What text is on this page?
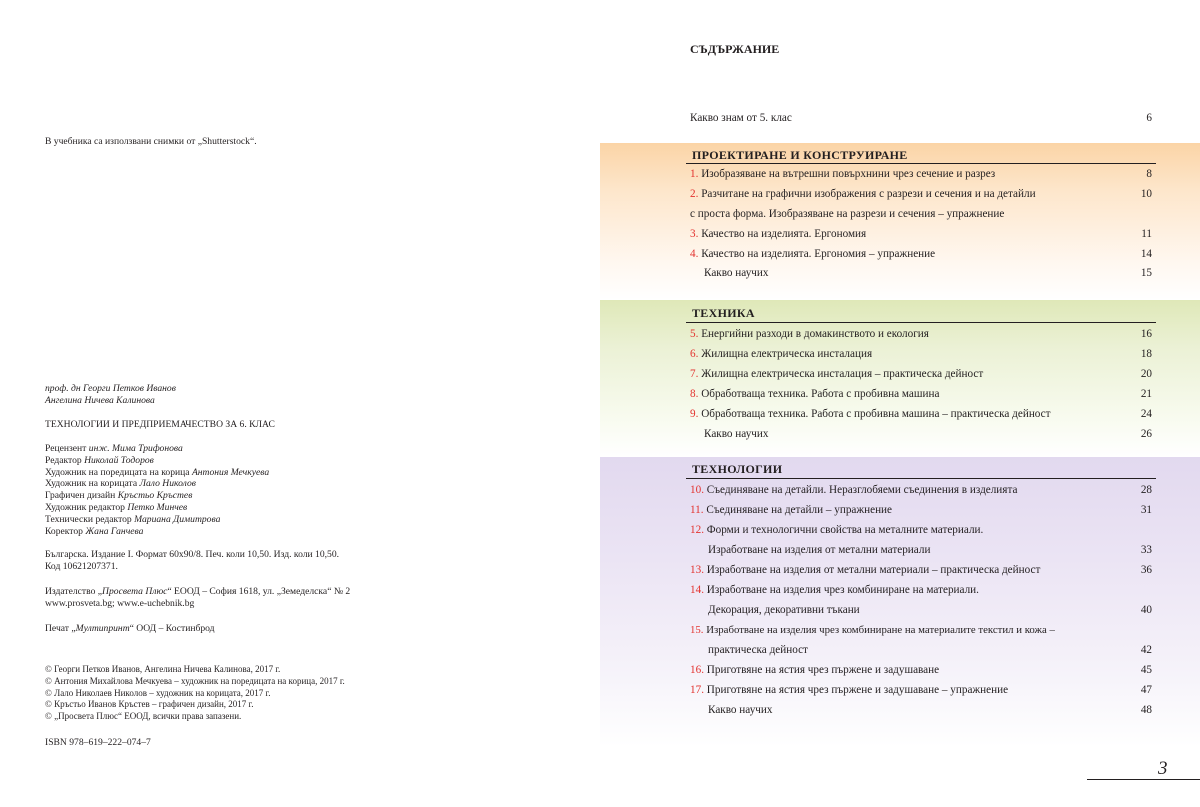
В учебника са използвани снимки от „Shutterstock“.

проф. дн Георги Петков Иванов

Ангелина Ничева Калинова

ТЕХНОЛОГИИ И ПРЕДПРИЕМАЧЕСТВО ЗА 6. КЛАС

Рецензент инж. Мима Трифонова

Редактор Николай Тодоров

Художник на поредицата на корица Антония Мечкуева

Художник на корицата Лало Николов

Графичен дизайн Кръстьо Кръстев

Художник редактор Петко Минчев

Технически редактор Мариана Димитрова

Коректор Жана Ганчева

Българска. Издание I. Формат 60x90/8. Печ. коли 10,50. Изд. коли 10,50.

Код 10621207371.

Издателство „Просвета Плюс“ ЕООД – София 1618, ул. „Земеделска“ № 2

www.prosveta.bg; www.e-uchebnik.bg

Печат „Мултипринт“ ООД – Костинброд

© Георги Петков Иванов, Ангелина Ничева Калинова, 2017 г.

© Антония Михайлова Мечкуева – художник на поредицата на корица, 2017 г.

© Лало Николаев Николов – художник на корицата, 2017 г.

© Кръстьо Иванов Кръстев – графичен дизайн, 2017 г.

© „Просвета Плюс“ ЕООД, всички права запазени.

ISBN 978–619–222–074–7
СЪДЪРЖАНИЕ
Какво знам от 5. клас	6
ПРОЕКТИРАНЕ И КОНСТРУИРАНЕ
1. Изобразяване на вътрешни повърхнини чрез сечение и разрез	8
2. Разчитане на графични изображения с разрези и сечения и на детайли	10
с проста форма. Изобразяване на разрези и сечения – упражнение
3. Качество на изделията. Ергономия	11
4. Качество на изделията. Ергономия – упражнение	14
Какво научих	15
ТЕХНИКА
5. Енергийни разходи в домакинството и екология	16
6. Жилищна електрическа инсталация	18
7. Жилищна електрическа инсталация – практическа дейност	20
8. Обработваща техника. Работа с пробивна машина	21
9. Обработваща техника. Работа с пробивна машина – практическа дейност	24
Какво научих	26
ТЕХНОЛОГИИ
10. Съединяване на детайли. Неразглобяеми съединения в изделията	28
11. Съединяване на детайли – упражнение	31
12. Форми и технологични свойства на металните материали.
Изработване на изделия от метални материали	33
13. Изработване на изделия от метални материали – практическа дейност	36
14. Изработване на изделия чрез комбиниране на материали.
Декорация, декоративни тъкани	40
15. Изработване на изделия чрез комбиниране на материалите текстил и кожа –
практическа дейност	42
16. Приготвяне на ястия чрез пържене и задушаване	45
17. Приготвяне на ястия чрез пържене и задушаване – упражнение	47
Какво научих	48
3
